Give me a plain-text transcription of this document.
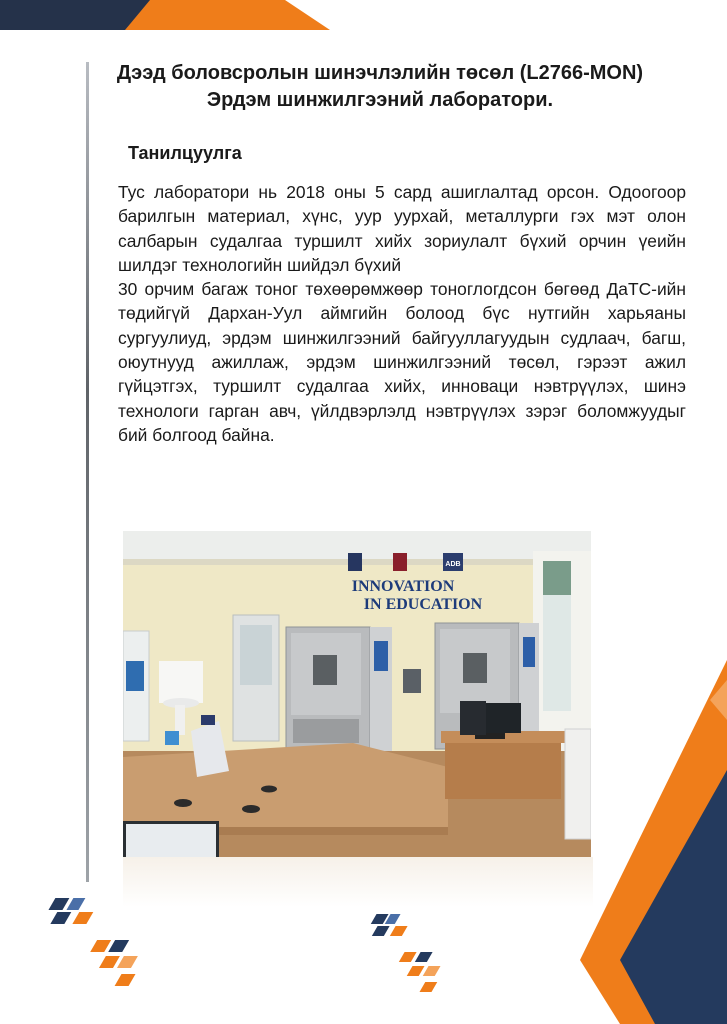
Дээд боловсролын шинэчлэлийн төсөл (L2766-MON)
Эрдэм шинжилгээний лаборатори.
Танилцуулга

Тус лаборатори нь 2018 оны 5 сард ашиглалтад орсон. Одоогоор барилгын материал, хүнс, уур уурхай, металлурги гэх мэт олон салбарын судалгаа туршилт хийх зориулалт бүхий орчин үеийн шилдэг технологийн шийдэл бүхий

30 орчим багаж тоног төхөөрөмжөөр тоноглогдсон бөгөөд ДаТС-ийн төдийгүй Дархан-Уул аймгийн болоод бүс нутгийн харьяаны сургуулиуд, эрдэм шинжилгээний байгууллагуудын судлаач, багш, оюутнууд ажиллаж, эрдэм шинжилгээний төсөл, гэрээт ажил гүйцэтгэх, туршилт судалгаа хийх, инноваци нэвтрүүлэх, шинэ технологи гарган авч, үйлдвэрлэлд нэвтрүүлэх зэрэг боломжуудыг бий болгоод байна.

ADB
INNOVATION
IN EDUCATION
